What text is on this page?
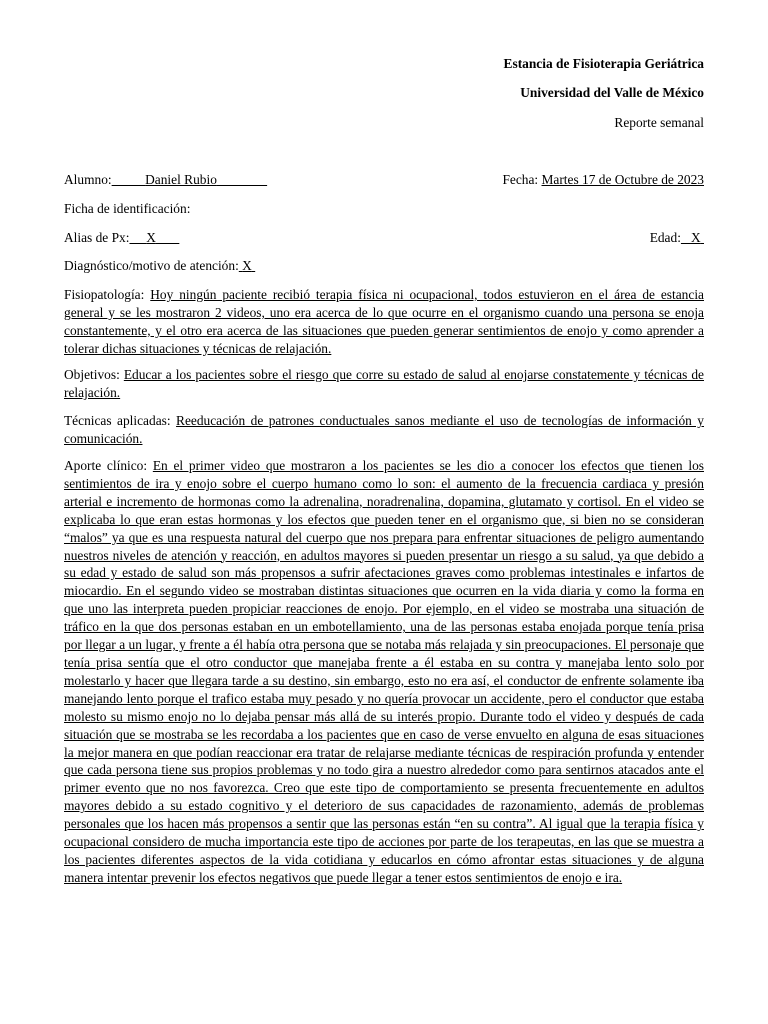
Estancia de Fisioterapia Geriátrica
Universidad del Valle de México
Reporte semanal
Alumno: Daniel Rubio	Fecha: Martes 17 de Octubre de 2023
Ficha de identificación:
Alias de Px: X	Edad: X
Diagnóstico/motivo de atención: X
Fisiopatología: Hoy ningún paciente recibió terapia física ni ocupacional, todos estuvieron en el área de estancia general y se les mostraron 2 videos, uno era acerca de lo que ocurre en el organismo cuando una persona se enoja constantemente, y el otro era acerca de las situaciones que pueden generar sentimientos de enojo y como aprender a tolerar dichas situaciones y técnicas de relajación.
Objetivos: Educar a los pacientes sobre el riesgo que corre su estado de salud al enojarse constatemente y técnicas de relajación.
Técnicas aplicadas: Reeducación de patrones conductuales sanos mediante el uso de tecnologías de información y comunicación.
Aporte clínico: En el primer video que mostraron a los pacientes se les dio a conocer los efectos que tienen los sentimientos de ira y enojo sobre el cuerpo humano como lo son: el aumento de la frecuencia cardiaca y presión arterial e incremento de hormonas como la adrenalina, noradrenalina, dopamina, glutamato y cortisol. En el video se explicaba lo que eran estas hormonas y los efectos que pueden tener en el organismo que, si bien no se consideran “malos” ya que es una respuesta natural del cuerpo que nos prepara para enfrentar situaciones de peligro aumentando nuestros niveles de atención y reacción, en adultos mayores si pueden presentar un riesgo a su salud, ya que debido a su edad y estado de salud son más propensos a sufrir afectaciones graves como problemas intestinales e infartos de miocardio. En el segundo video se mostraban distintas situaciones que ocurren en la vida diaria y como la forma en que uno las interpreta pueden propiciar reacciones de enojo. Por ejemplo, en el video se mostraba una situación de tráfico en la que dos personas estaban en un embotellamiento, una de las personas estaba enojada porque tenía prisa por llegar a un lugar, y frente a él había otra persona que se notaba más relajada y sin preocupaciones. El personaje que tenía prisa sentía que el otro conductor que manejaba frente a él estaba en su contra y manejaba lento solo por molestarlo y hacer que llegara tarde a su destino, sin embargo, esto no era así, el conductor de enfrente solamente iba manejando lento porque el trafico estaba muy pesado y no quería provocar un accidente, pero el conductor que estaba molesto su mismo enojo no lo dejaba pensar más allá de su interés propio. Durante todo el video y después de cada situación que se mostraba se les recordaba a los pacientes que en caso de verse envuelto en alguna de esas situaciones la mejor manera en que podían reaccionar era tratar de relajarse mediante técnicas de respiración profunda y entender que cada persona tiene sus propios problemas y no todo gira a nuestro alrededor como para sentirnos atacados ante el primer evento que no nos favorezca. Creo que este tipo de comportamiento se presenta frecuentemente en adultos mayores debido a su estado cognitivo y el deterioro de sus capacidades de razonamiento, además de problemas personales que los hacen más propensos a sentir que las personas están “en su contra”. Al igual que la terapia física y ocupacional considero de mucha importancia este tipo de acciones por parte de los terapeutas, en las que se muestra a los pacientes diferentes aspectos de la vida cotidiana y educarlos en cómo afrontar estas situaciones y de alguna manera intentar prevenir los efectos negativos que puede llegar a tener estos sentimientos de enojo e ira.
